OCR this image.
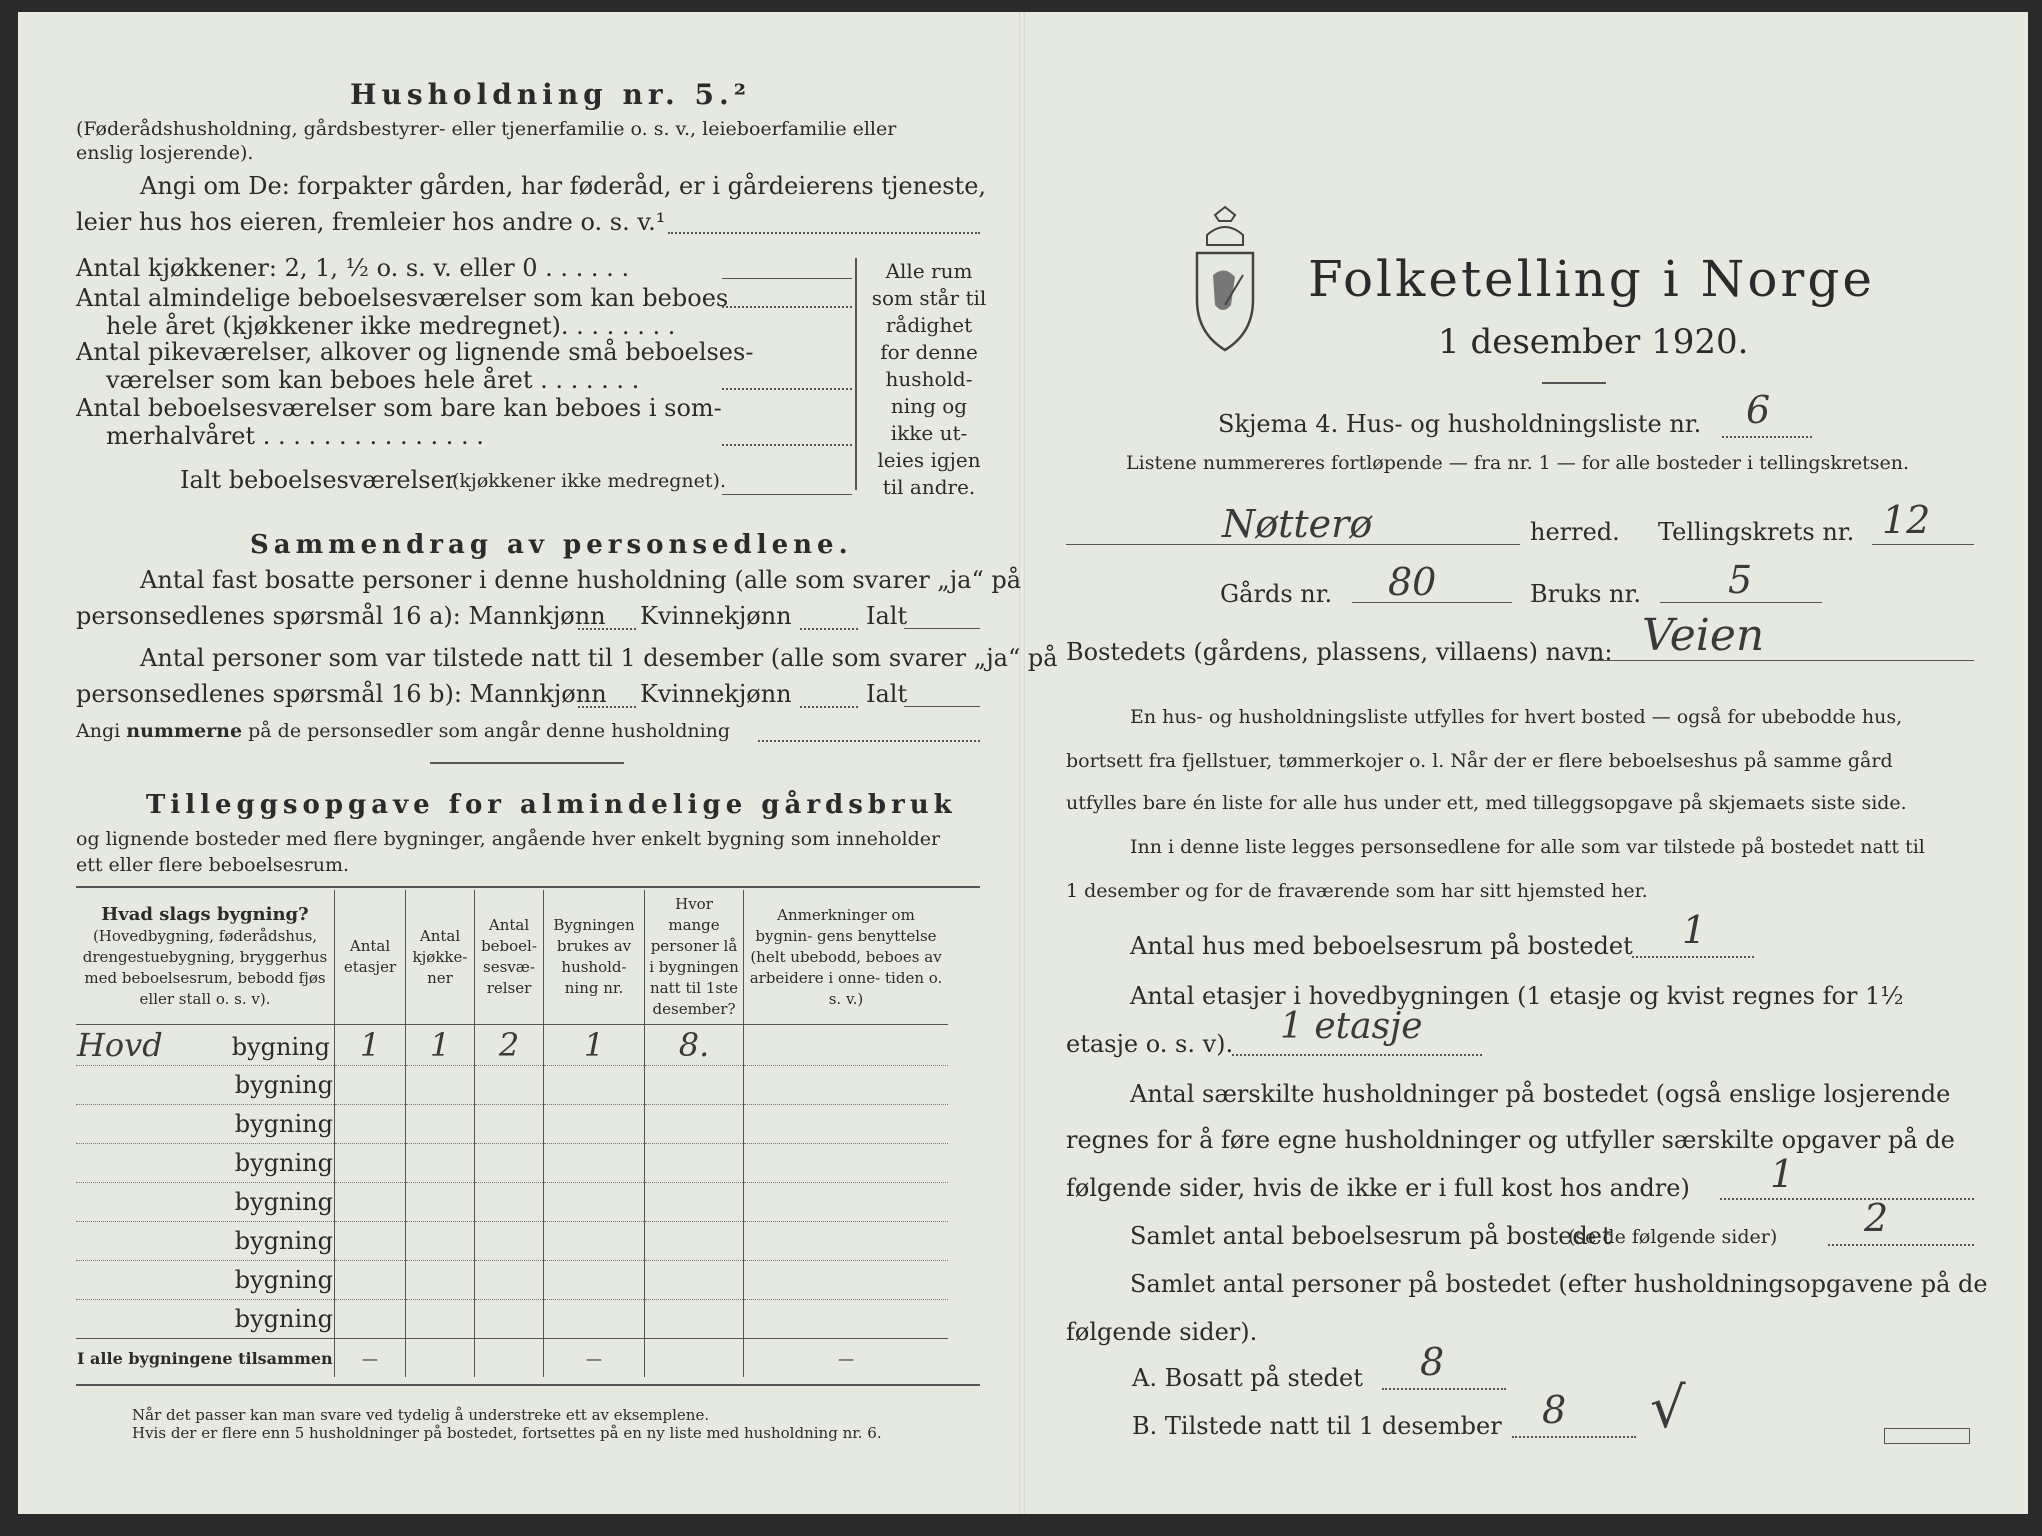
Husholdning nr. 5.²
(Føderådshusholdning, gårdsbestyrer- eller tjenerfamilie o. s. v., leieboerfamilie eller
enslig losjerende).
Angi om De: forpakter gården, har føderåd, er i gårdeierens tjeneste,
leier hus hos eieren, fremleier hos andre o. s. v.¹
Antal kjøkkener: 2, 1, ½ o. s. v. eller 0 . . . . . .
Antal almindelige beboelsesværelser som kan beboes
hele året (kjøkkener ikke medregnet). . . . . . . .
Antal pikeværelser, alkover og lignende små beboelses-
værelser som kan beboes hele året . . . . . . .
Antal beboelsesværelser som bare kan beboes i som-
merhalvåret . . . . . . . . . . . . . . .
Ialt beboelsesværelser
(kjøkkener ikke medregnet).
Alle rum
som står til
rådighet
for denne
hushold-
ning og
ikke ut-
leies igjen
til andre.
Sammendrag av personsedlene.
Antal fast bosatte personer i denne husholdning (alle som svarer „ja“ på
personsedlenes spørsmål 16 a): Mannkjønn Kvinnekjønn	Ialt
Antal personer som var tilstede natt til 1 desember (alle som svarer „ja“ på
personsedlenes spørsmål 16 b): Mannkjønn Kvinnekjønn	Ialt
Angi nummerne på de personsedler som angår denne husholdning
Tilleggsopgave for almindelige gårdsbruk
og lignende bosteder med flere bygninger, angående hver enkelt bygning som inneholder
ett eller flere beboelsesrum.
Hvad slags bygning?
(Hovedbygning, føderådshus, drengestuebygning, bryggerhus med beboelsesrum, bebodd fjøs eller stall o. s. v).	Antal etasjer	Antal kjøkke- ner	Antal beboel- sesvæ- relser	Bygningen brukes av hushold- ning nr.	Hvor mange personer lå i bygningen natt til 1ste desember?	Anmerkninger om bygnin- gens benyttelse (helt ubebodd, beboes av arbeidere i onne- tiden o. s. v.)
Hovd bygning	1	1	2	1	8.	
bygning						
bygning						
bygning						
bygning						
bygning						
bygning						
bygning						
I alle bygningene tilsammen	—			—		—
Når det passer kan man svare ved tydelig å understreke ett av eksemplene.
Hvis der er flere enn 5 husholdninger på bostedet, fortsettes på en ny liste med husholdning nr. 6.
Folketelling i Norge
1 desember 1920.
Skjema 4. Hus- og husholdningsliste nr. 6
Listene nummereres fortløpende — fra nr. 1 — for alle bosteder i tellingskretsen.
Nøtterø	herred. Tellingskrets nr. 12
Gårds nr. 80	Bruks nr. 5
Bostedets (gårdens, plassens, villaens) navn: Veien
En hus- og husholdningsliste utfylles for hvert bosted — også for ubebodde hus,
bortsett fra fjellstuer, tømmerkojer o. l. Når der er flere beboelseshus på samme gård
utfylles bare én liste for alle hus under ett, med tilleggsopgave på skjemaets siste side.
Inn i denne liste legges personsedlene for alle som var tilstede på bostedet natt til
1 desember og for de fraværende som har sitt hjemsted her.
Antal hus med beboelsesrum på bostedet 1
Antal etasjer i hovedbygningen (1 etasje og kvist regnes for 1½
etasje o. s. v). 1 etasje
Antal særskilte husholdninger på bostedet (også enslige losjerende
regnes for å føre egne husholdninger og utfyller særskilte opgaver på de
følgende sider, hvis de ikke er i full kost hos andre) 1
Samlet antal beboelsesrum på bostedet
(se de følgende sider) 2
Samlet antal personer på bostedet (efter husholdningsopgavene på de
følgende sider).
A. Bosatt på stedet 8
B. Tilstede natt til 1 desember 8 √
